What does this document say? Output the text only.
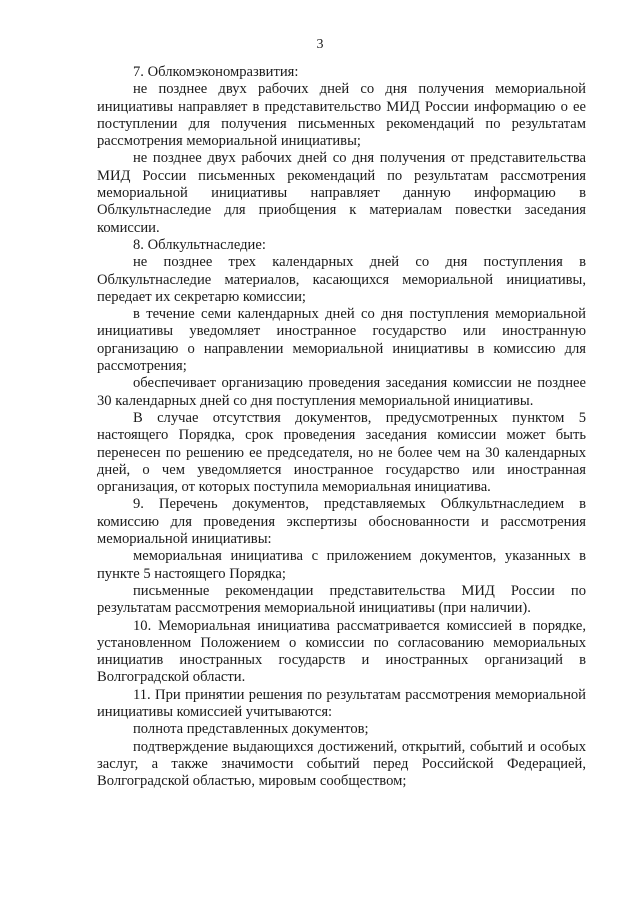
3

7. Облкомэкономразвития:

не позднее двух рабочих дней со дня получения мемориальной инициативы направляет в представительство МИД России информацию о ее поступлении для получения письменных рекомендаций по результатам рассмотрения мемориальной инициативы;

не позднее двух рабочих дней со дня получения от представительства МИД России письменных рекомендаций по результатам рассмотрения мемориальной инициативы направляет данную информацию в Облкультнаследие для приобщения к материалам повестки заседания комиссии.

8. Облкультнаследие:

не позднее трех календарных дней со дня поступления в Облкультнаследие материалов, касающихся мемориальной инициативы, передает их секретарю комиссии;

в течение семи календарных дней со дня поступления мемориальной инициативы уведомляет иностранное государство или иностранную организацию о направлении мемориальной инициативы в комиссию для рассмотрения;

обеспечивает организацию проведения заседания комиссии не позднее 30 календарных дней со дня поступления мемориальной инициативы.

В случае отсутствия документов, предусмотренных пунктом 5 настоящего Порядка, срок проведения заседания комиссии может быть перенесен по решению ее председателя, но не более чем на 30 календарных дней, о чем уведомляется иностранное государство или иностранная организация, от которых поступила мемориальная инициатива.

9. Перечень документов, представляемых Облкультнаследием в комиссию для проведения экспертизы обоснованности и рассмотрения мемориальной инициативы:

мемориальная инициатива с приложением документов, указанных в пункте 5 настоящего Порядка;

письменные рекомендации представительства МИД России по результатам рассмотрения мемориальной инициативы (при наличии).

10. Мемориальная инициатива рассматривается комиссией в порядке, установленном Положением о комиссии по согласованию мемориальных инициатив иностранных государств и иностранных организаций в Волгоградской области.

11. При принятии решения по результатам рассмотрения мемориальной инициативы комиссией учитываются:

полнота представленных документов;

подтверждение выдающихся достижений, открытий, событий и особых заслуг, а также значимости событий перед Российской Федерацией, Волгоградской областью, мировым сообществом;
